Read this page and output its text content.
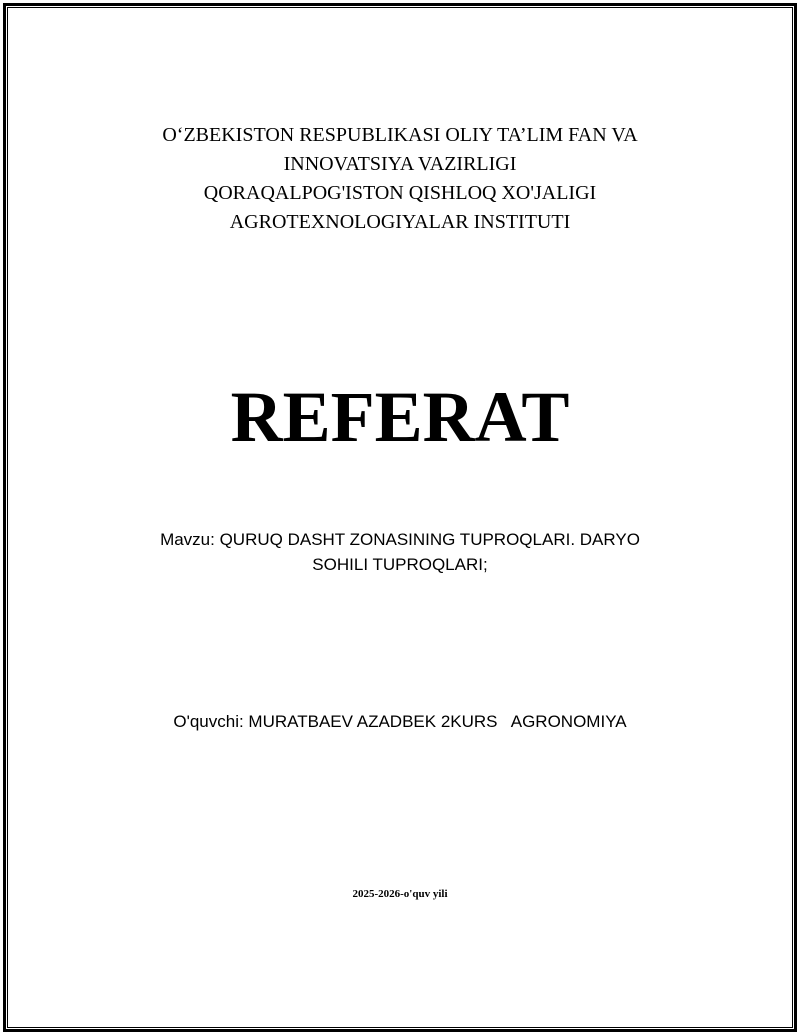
O‘ZBEKISTON RESPUBLIKASI OLIY TA’LIM FAN VA
INNOVATSIYA VAZIRLIGI
QORAQALPOG'ISTON QISHLOQ XO'JALIGI
AGROTEXNOLOGIYALAR INSTITUTI
REFERAT
Mavzu: QURUQ DASHT ZONASINING TUPROQLARI. DARYO
SOHILI TUPROQLARI;
O'quvchi: MURATBAEV AZADBEK 2KURS   AGRONOMIYA
2025-2026-o'quv yili
